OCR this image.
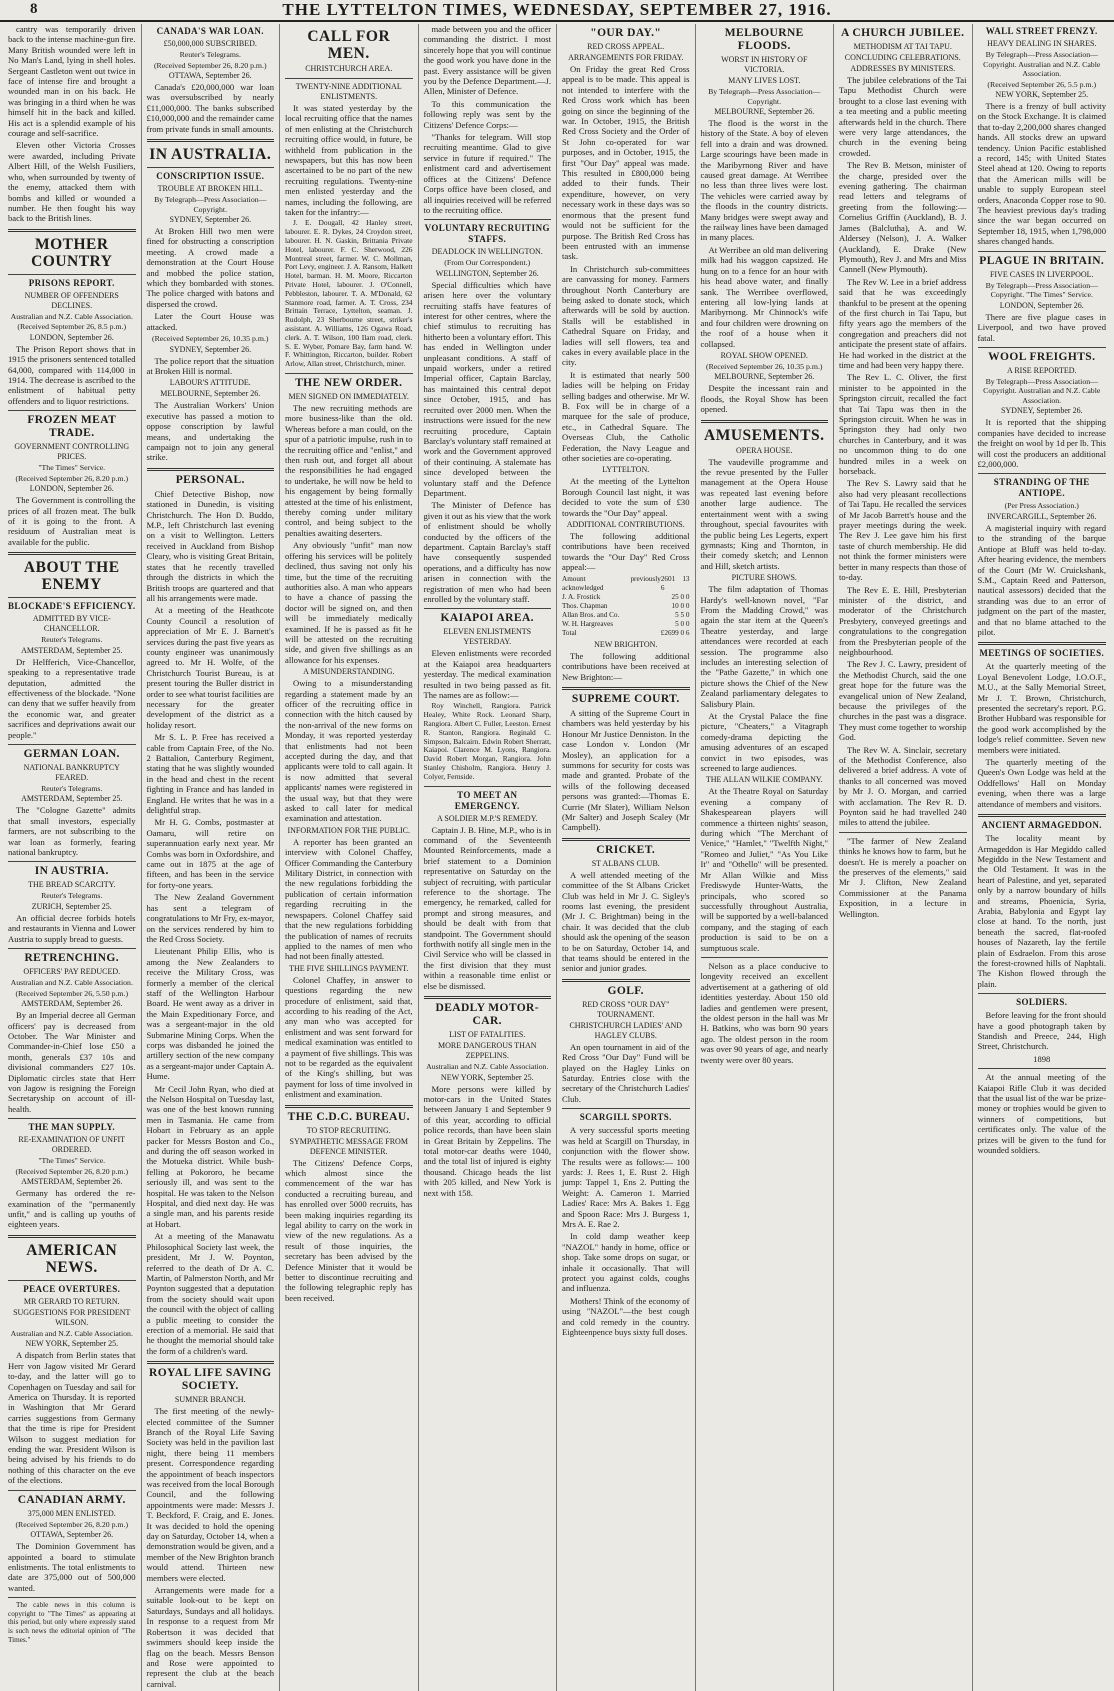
8	THE LYTTELTON TIMES, WEDNESDAY, SEPTEMBER 27, 1916.

cantry was temporarily driven back to the intense machine-gun fire. Many British wounded were left in No Man's Land, lying in shell holes. Sergeant Castleton went out twice in face of intense fire and brought a wounded man in on his back. He was bringing in a third when he was himself hit in the back and killed. His act is a splendid example of his courage and self-sacrifice.

Eleven other Victoria Crosses were awarded, including Private Albert Hill, of the Welsh Fusiliers, who, when surrounded by twenty of the enemy, attacked them with bombs and killed or wounded a number. He then fought his way back to the British lines.

MOTHER COUNTRY
PRISONS REPORT.
NUMBER OF OFFENDERS DECLINES.
Australian and N.Z. Cable Association.
(Received September 26, 8.5 p.m.)
LONDON, September 26.

The Prison Report shows that in 1915 the prisoners sentenced totalled 64,000, compared with 114,000 in 1914. The decrease is ascribed to the enlistment of habitual petty offenders and to liquor restrictions.

FROZEN MEAT TRADE.
GOVERNMENT CONTROLLING PRICES.
"The Times" Service.
(Received September 26, 8.20 p.m.)
LONDON, September 26.

The Government is controlling the prices of all frozen meat. The bulk of it is going to the front. A residuum of Australian meat is available for the public.

ABOUT THE ENEMY
BLOCKADE'S EFFICIENCY.
ADMITTED BY VICE-CHANCELLOR.
Reuter's Telegrams.
AMSTERDAM, September 25.

Dr Helfferich, Vice-Chancellor, speaking to a representative trade deputation, admitted the effectiveness of the blockade. "None can deny that we suffer heavily from the economic war, and greater sacrifices and deprivations await our people."

GERMAN LOAN.
NATIONAL BANKRUPTCY FEARED.
Reuter's Telegrams.
AMSTERDAM, September 25.

The "Cologne Gazette" admits that small investors, especially farmers, are not subscribing to the war loan as formerly, fearing national bankruptcy.

IN AUSTRIA.
THE BREAD SCARCITY.
Reuter's Telegrams.
ZURICH, September 25.

An official decree forbids hotels and restaurants in Vienna and Lower Austria to supply bread to guests.

RETRENCHING.
OFFICERS' PAY REDUCED.
Australian and N.Z. Cable Association.
(Received September 26, 5.50 p.m.)
AMSTERDAM, September 26.

By an Imperial decree all German officers' pay is decreased from October. The War Minister and Commander-in-Chief lose £50 a month, generals £37 10s and divisional commanders £27 10s. Diplomatic circles state that Herr von Jagow is resigning the Foreign Secretaryship on account of ill-health.

THE MAN SUPPLY.
RE-EXAMINATION OF UNFIT ORDERED.
"The Times" Service.
(Received September 26, 8.20 p.m.)
AMSTERDAM, September 26.

Germany has ordered the re-examination of the "permanently unfit," and is calling up youths of eighteen years.

AMERICAN NEWS.
PEACE OVERTURES.
MR GERARD TO RETURN.
SUGGESTIONS FOR PRESIDENT WILSON.
Australian and N.Z. Cable Association.
NEW YORK, September 25.

A dispatch from Berlin states that Herr von Jagow visited Mr Gerard to-day, and the latter will go to Copenhagen on Tuesday and sail for America on Thursday. It is reported in Washington that Mr Gerard carries suggestions from Germany that the time is ripe for President Wilson to suggest mediation for ending the war. President Wilson is being advised by his friends to do nothing of this character on the eve of the elections.

CANADIAN ARMY.
375,000 MEN ENLISTED.
(Received September 26, 8.20 p.m.)
OTTAWA, September 26.

The Dominion Government has appointed a board to stimulate enlistments. The total enlistments to date are 375,000 out of 500,000 wanted.

The cable news in this column is copyright to "The Times" as appearing at this period, but only where expressly stated is such news the editorial opinion of "The Times."

CANADA'S WAR LOAN.
£50,000,000 SUBSCRIBED.
Reuter's Telegrams.
(Received September 26, 8.20 p.m.)
OTTAWA, September 26.

Canada's £20,000,000 war loan was oversubscribed by nearly £11,000,000. The banks subscribed £10,000,000 and the remainder came from private funds in small amounts.

IN AUSTRALIA.
CONSCRIPTION ISSUE.
TROUBLE AT BROKEN HILL.
By Telegraph—Press Association—Copyright.
SYDNEY, September 26.

At Broken Hill two men were fined for obstructing a conscription meeting. A crowd made a demonstration at the Court House and mobbed the police station, which they bombarded with stones. The police charged with batons and dispersed the crowd.

Later the Court House was attacked.

(Received September 26, 10.35 p.m.)
SYDNEY, September 26.

The police report that the situation at Broken Hill is normal.

LABOUR'S ATTITUDE.
MELBOURNE, September 26.

The Australian Workers' Union executive has passed a motion to oppose conscription by lawful means, and undertaking the campaign not to join any general strike.

PERSONAL.

Chief Detective Bishop, now stationed in Dunedin, is visiting Christchurch. The Hon D. Buddo, M.P., left Christchurch last evening on a visit to Wellington. Letters received in Auckland from Bishop Cleary, who is visiting Great Britain, states that he recently travelled through the districts in which the British troops are quartered and that all his arrangements were made.

At a meeting of the Heathcote County Council a resolution of appreciation of Mr E. J. Barnett's services during the past five years as county engineer was unanimously agreed to. Mr H. Wolfe, of the Christchurch Tourist Bureau, is at present touring the Buller district in order to see what tourist facilities are necessary for the greater development of the district as a holiday resort.

Mr S. L. P. Free has received a cable from Captain Free, of the No. 2 Battalion, Canterbury Regiment, stating that he was slightly wounded in the head and chest in the recent fighting in France and has landed in England. He writes that he was in a delightful strap.

Mr H. G. Combs, postmaster at Oamaru, will retire on superannuation early next year. Mr Combs was born in Oxfordshire, and came out in 1875 at the age of fifteen, and has been in the service for forty-one years.

The New Zealand Government has sent a telegram of congratulations to Mr Fry, ex-mayor, on the services rendered by him to the Red Cross Society.

Lieutenant Philip Ellis, who is among the New Zealanders to receive the Military Cross, was formerly a member of the clerical staff of the Wellington Harbour Board. He went away as a driver in the Main Expeditionary Force, and was a sergeant-major in the old Submarine Mining Corps. When the corps was disbanded he joined the artillery section of the new company as a sergeant-major under Captain A. Hume.

Mr Cecil John Ryan, who died at the Nelson Hospital on Tuesday last, was one of the best known running men in Tasmania. He came from Hobart in February as an apple packer for Messrs Boston and Co., and during the off season worked in the Motueka district. While bush-felling at Pokororo, he became seriously ill, and was sent to the hospital. He was taken to the Nelson Hospital, and died next day. He was a single man, and his parents reside at Hobart.

At a meeting of the Manawatu Philosophical Society last week, the president, Mr J. W. Poynton, referred to the death of Dr A. C. Martin, of Palmerston North, and Mr Poynton suggested that a deputation from the society should wait upon the council with the object of calling a public meeting to consider the erection of a memorial. He said that he thought the memorial should take the form of a children's ward.

ROYAL LIFE SAVING SOCIETY.
SUMNER BRANCH.

The first meeting of the newly-elected committee of the Sumner Branch of the Royal Life Saving Society was held in the pavilion last night, there being 11 members present. Correspondence regarding the appointment of beach inspectors was received from the local Borough Council, and the following appointments were made: Messrs J. T. Beckford, F. Craig, and E. Jones. It was decided to hold the opening day on Saturday, October 14, when a demonstration would be given, and a member of the New Brighton branch would attend. Thirteen new members were elected.

Arrangements were made for a suitable look-out to be kept on Saturdays, Sundays and all holidays. In response to a request from Mr Robertson it was decided that swimmers should keep inside the flag on the beach. Messrs Benson and Rose were appointed to represent the club at the beach carnival.

CALL FOR MEN.
CHRISTCHURCH AREA.
TWENTY-NINE ADDITIONAL ENLISTMENTS.

It was stated yesterday by the local recruiting office that the names of men enlisting at the Christchurch recruiting office would, in future, be withheld from publication in the newspapers, but this has now been ascertained to be no part of the new recruiting regulations. Twenty-nine men enlisted yesterday and the names, including the following, are taken for the infantry:—

J. E. Dougall, 42 Hanley street, labourer. E. R. Dykes, 24 Croydon street, labourer. H. N. Gaskin, Brittania Private Hotel, labourer. F. C. Sherwood, 226 Montreal street, farmer. W. C. Mollman, Port Levy, engineer. J. A. Ransom, Halkett Hotel, barman. H. M. Moore, Riccarton Private Hotel, labourer. J. O'Connell, Pebbleston, labourer. T. A. M'Donald, 62 Stanmore road, farmer. A. T. Cross, 234 Brittain Terrace, Lyttelton, seaman. J. Rudolph, 23 Sherbourne street, striker's assistant. A. Williams, 126 Ogawa Road, clerk. A. T. Wilson, 100 Ilam road, clerk. S. E. Wyber, Pomare Bay, farm hand. W. F. Whittington, Riccarton, builder. Robert Arlow, Allan street, Christchurch, miner.

THE NEW ORDER.
MEN SIGNED ON IMMEDIATELY.

The new recruiting methods are more business-like than the old. Whereas before a man could, on the spur of a patriotic impulse, rush in to the recruiting office and "enlist," and then rush out, and forget all about the responsibilities he had engaged to undertake, he will now be held to his engagement by being formally attested at the time of his enlistment, thereby coming under military control, and being subject to the penalties awaiting deserters.

Any obviously "unfit" man now offering his services will be politely declined, thus saving not only his time, but the time of the recruiting authorities also. A man who appears to have a chance of passing the doctor will be signed on, and then will be immediately medically examined. If he is passed as fit he will be attested on the recruiting side, and given five shillings as an allowance for his expenses.

A MISUNDERSTANDING.

Owing to a misunderstanding regarding a statement made by an officer of the recruiting office in connection with the hitch caused by the non-arrival of the new forms on Monday, it was reported yesterday that enlistments had not been accepted during the day, and that applicants were told to call again. It is now admitted that several applicants' names were registered in the usual way, but that they were asked to call later for medical examination and attestation.

INFORMATION FOR THE PUBLIC.

A reporter has been granted an interview with Colonel Chaffey, Officer Commanding the Canterbury Military District, in connection with the new regulations forbidding the publication of certain information regarding recruiting in the newspapers. Colonel Chaffey said that the new regulations forbidding the publication of names of recruits applied to the names of men who had not been finally attested.

THE FIVE SHILLINGS PAYMENT.

Colonel Chaffey, in answer to questions regarding the new procedure of enlistment, said that, according to his reading of the Act, any man who was accepted for enlistment and was sent forward for medical examination was entitled to a payment of five shillings. This was not to be regarded as the equivalent of the King's shilling, but was payment for loss of time involved in enlistment and examination.

THE C.D.C. BUREAU.
TO STOP RECRUITING.
SYMPATHETIC MESSAGE FROM DEFENCE MINISTER.

The Citizens' Defence Corps, which almost since the commencement of the war has conducted a recruiting bureau, and has enrolled over 5000 recruits, has been making inquiries regarding its legal ability to carry on the work in view of the new regulations. As a result of those inquiries, the secretary has been advised by the Defence Minister that it would be better to discontinue recruiting and the following telegraphic reply has been received.

made between you and the officer commanding the district. I most sincerely hope that you will continue the good work you have done in the past. Every assistance will be given you by the Defence Department.—J. Allen, Minister of Defence.

To this communication the following reply was sent by the Citizens' Defence Corps:—

"Thanks for telegram. Will stop recruiting meantime. Glad to give service in future if required." The enlistment card and advertisement offices at the Citizens' Defence Corps office have been closed, and all inquiries received will be referred to the recruiting office.

VOLUNTARY RECRUITING STAFFS.
DEADLOCK IN WELLINGTON.
(From Our Correspondent.)
WELLINGTON, September 26.

Special difficulties which have arisen here over the voluntary recruiting staffs have features of interest for other centres, where the chief stimulus to recruiting has hitherto been a voluntary effort. This has ended in Wellington under unpleasant conditions. A staff of unpaid workers, under a retired Imperial officer, Captain Barclay, has maintained this central depot since October, 1915, and has recruited over 2000 men. When the instructions were issued for the new recruiting procedure, Captain Barclay's voluntary staff remained at work and the Government approved of their continuing. A stalemate has since developed between the voluntary staff and the Defence Department.

The Minister of Defence has given it out as his view that the work of enlistment should be wholly conducted by the officers of the department. Captain Barclay's staff have consequently suspended operations, and a difficulty has now arisen in connection with the registration of men who had been enrolled by the voluntary staff.

KAIAPOI AREA.
ELEVEN ENLISTMENTS YESTERDAY.

Eleven enlistments were recorded at the Kaiapoi area headquarters yesterday. The medical examination resulted in two being passed as fit. The names are as follow:—

Roy Winchell, Rangiora. Patrick Healey, White Rock. Leonard Sharp, Rangiora. Albert C. Fuller, Leeston. Ernest R. Stanton, Rangiora. Reginald C. Simpson, Balcairn. Edwin Robert Sherratt, Kaiapoi. Clarence M. Lyons, Rangiora. David Robert Morgan, Rangiora. John Stanley Chisholm, Rangiora. Henry J. Colyer, Fernside.

TO MEET AN EMERGENCY.
A SOLDIER M.P.'S REMEDY.

Captain J. B. Hine, M.P., who is in command of the Seventeenth Mounted Reinforcements, made a brief statement to a Dominion representative on Saturday on the subject of recruiting, with particular reference to the shortage. The emergency, he remarked, called for prompt and strong measures, and should be dealt with from that standpoint. The Government should forthwith notify all single men in the Civil Service who will be classed in the first division that they must within a reasonable time enlist or else be dismissed.

DEADLY MOTOR-CAR.
LIST OF FATALITIES.
MORE DANGEROUS THAN ZEPPELINS.
Australian and N.Z. Cable Association.
NEW YORK, September 25.

More persons were killed by motor-cars in the United States between January 1 and September 9 of this year, according to official police records, than have been slain in Great Britain by Zeppelins. The total motor-car deaths were 1040, and the total list of injured is eighty thousand. Chicago heads the list with 205 killed, and New York is next with 158.

"OUR DAY."
RED CROSS APPEAL.
ARRANGEMENTS FOR FRIDAY.

On Friday the great Red Cross appeal is to be made. This appeal is not intended to interfere with the Red Cross work which has been going on since the beginning of the war. In October, 1915, the British Red Cross Society and the Order of St John co-operated for war purposes, and in October, 1915, the first "Our Day" appeal was made. This resulted in £800,000 being added to their funds. Their expenditure, however, on very necessary work in these days was so enormous that the present fund would not be sufficient for the purpose. The British Red Cross has been entrusted with an immense task.

In Christchurch sub-committees are canvassing for money. Farmers throughout North Canterbury are being asked to donate stock, which afterwards will be sold by auction. Stalls will be established in Cathedral Square on Friday, and ladies will sell flowers, tea and cakes in every available place in the city.

It is estimated that nearly 500 ladies will be helping on Friday selling badges and otherwise. Mr W. B. Fox will be in charge of a marquee for the sale of produce, etc., in Cathedral Square. The Overseas Club, the Catholic Federation, the Navy League and other societies are co-operating.

LYTTELTON.

At the meeting of the Lyttelton Borough Council last night, it was decided to vote the sum of £30 towards the "Our Day" appeal.

ADDITIONAL CONTRIBUTIONS.

The following additional contributions have been received towards the "Our Day" Red Cross appeal:—

Amount previously acknowledged
2601 13 6
J. A. Frostick	25 0 0
Thos. Chapman	10 0 0
Allan Bros. and Co.	5 5 0
W. H. Hargreaves	5 0 0
Total	£2699 0 6
NEW BRIGHTON.

The following additional contributions have been received at New Brighton:—

SUPREME COURT.

A sitting of the Supreme Court in chambers was held yesterday by his Honour Mr Justice Denniston. In the case London v. London (Mr Mosley), an application for a summons for security for costs was made and granted. Probate of the wills of the following deceased persons was granted:—Thomas E. Currie (Mr Slater), William Nelson (Mr Salter) and Joseph Scaley (Mr Campbell).

CRICKET.
ST ALBANS CLUB.

A well attended meeting of the committee of the St Albans Cricket Club was held in Mr J. C. Sigley's rooms last evening, the president (Mr J. C. Brightman) being in the chair. It was decided that the club should ask the opening of the season to be on Saturday, October 14, and that teams should be entered in the senior and junior grades.

GOLF.
RED CROSS "OUR DAY" TOURNAMENT.
CHRISTCHURCH LADIES' AND HAGLEY CLUBS.

An open tournament in aid of the Red Cross "Our Day" Fund will be played on the Hagley Links on Saturday. Entries close with the secretary of the Christchurch Ladies' Club.

SCARGILL SPORTS.

A very successful sports meeting was held at Scargill on Thursday, in conjunction with the flower show. The results were as follows:— 100 yards: J. Rees 1, E. Rust 2. High jump: Tappel 1, Ens 2. Putting the Weight: A. Cameron 1. Married Ladies' Race: Mrs A. Bakes 1. Egg and Spoon Race: Mrs J. Burgess 1, Mrs A. E. Rae 2.

In cold damp weather keep "NAZOL" handy in home, office or shop. Take some drops on sugar, or inhale it occasionally. That will protect you against colds, coughs and influenza.

Mothers! Think of the economy of using "NAZOL"—the best cough and cold remedy in the country. Eighteenpence buys sixty full doses.

MELBOURNE FLOODS.
WORST IN HISTORY OF VICTORIA.
MANY LIVES LOST.
By Telegraph—Press Association—Copyright.
MELBOURNE, September 26.

The flood is the worst in the history of the State. A boy of eleven fell into a drain and was drowned. Large scourings have been made in the Maribyrnong River and have caused great damage. At Werribee no less than three lives were lost. The vehicles were carried away by the floods in the country districts. Many bridges were swept away and the railway lines have been damaged in many places.

At Werribee an old man delivering milk had his waggon capsized. He hung on to a fence for an hour with his head above water, and finally sank. The Werribee overflowed, entering all low-lying lands at Maribyrnong. Mr Chinnock's wife and four children were drowning on the roof of a house when it collapsed.

ROYAL SHOW OPENED.
(Received September 26, 10.35 p.m.)
MELBOURNE, September 26.

Despite the incessant rain and floods, the Royal Show has been opened.

AMUSEMENTS.
OPERA HOUSE.

The vaudeville programme and the revue presented by the Fuller management at the Opera House was repeated last evening before another large audience. The entertainment went with a swing throughout, special favourites with the public being Les Legerts, expert gymnasts; King and Thornton, in their comedy sketch; and Lennon and Hill, sketch artists.

PICTURE SHOWS.

The film adaptation of Thomas Hardy's well-known novel, "Far From the Madding Crowd," was again the star item at the Queen's Theatre yesterday, and large attendances were recorded at each session. The programme also includes an interesting selection of the "Pathe Gazette," in which one picture shows the Chief of the New Zealand parliamentary delegates to Salisbury Plain.

At the Crystal Palace the fine picture, "Cheaters," a Vitagraph comedy-drama depicting the amusing adventures of an escaped convict in two episodes, was screened to large audiences.

THE ALLAN WILKIE COMPANY.

At the Theatre Royal on Saturday evening a company of Shakespearean players will commence a thirteen nights' season, during which "The Merchant of Venice," "Hamlet," "Twelfth Night," "Romeo and Juliet," "As You Like It" and "Othello" will be presented. Mr Allan Wilkie and Miss Frediswyde Hunter-Watts, the principals, who scored so successfully throughout Australia, will be supported by a well-balanced company, and the staging of each production is said to be on a sumptuous scale.

Nelson as a place conducive to longevity received an excellent advertisement at a gathering of old identities yesterday. About 150 old ladies and gentlemen were present, the oldest person in the hall was Mr H. Batkins, who was born 90 years ago. The oldest person in the room was over 90 years of age, and nearly twenty were over 80 years.

A CHURCH JUBILEE.
METHODISM AT TAI TAPU.
CONCLUDING CELEBRATIONS.
ADDRESSES BY MINISTERS.

The jubilee celebrations of the Tai Tapu Methodist Church were brought to a close last evening with a tea meeting and a public meeting afterwards held in the church. There were very large attendances, the church in the evening being crowded.

The Rev B. Metson, minister of the charge, presided over the evening gathering. The chairman read letters and telegrams of greeting from the following:—Cornelius Griffin (Auckland), B. J. James (Balclutha), A. and W. Aldersey (Nelson), J. A. Walker (Auckland), E. Drake (New Plymouth), Rev J. and Mrs and Miss Cannell (New Plymouth).

The Rev W. Lee in a brief address said that he was exceedingly thankful to be present at the opening of the first church in Tai Tapu, but fifty years ago the members of the congregation and preachers did not anticipate the present state of affairs. He had worked in the district at the time and had been very happy there.

The Rev L. C. Oliver, the first minister to be appointed in the Springston circuit, recalled the fact that Tai Tapu was then in the Springston circuit. When he was in Springston they had only two churches in Canterbury, and it was no uncommon thing to do one hundred miles in a week on horseback.

The Rev S. Lawry said that he also had very pleasant recollections of Tai Tapu. He recalled the services of Mr Jacob Barrett's house and the prayer meetings during the week. The Rev J. Lee gave him his first taste of church membership. He did not think the former ministers were better in many respects than those of to-day.

The Rev E. E. Hill, Presbyterian minister of the district, and moderator of the Christchurch Presbytery, conveyed greetings and congratulations to the congregation from the Presbyterian people of the neighbourhood.

The Rev J. C. Lawry, president of the Methodist Church, said the one great hope for the future was the evangelical union of New Zealand, because the privileges of the churches in the past was a disgrace. They must come together to worship God.

The Rev W. A. Sinclair, secretary of the Methodist Conference, also delivered a brief address. A vote of thanks to all concerned was moved by Mr J. O. Morgan, and carried with acclamation. The Rev R. D. Poynton said he had travelled 240 miles to attend the jubilee.

"The farmer of New Zealand thinks he knows how to farm, but he doesn't. He is merely a poacher on the preserves of the elements," said Mr J. Clifton, New Zealand Commissioner at the Panama Exposition, in a lecture in Wellington.

WALL STREET FRENZY.
HEAVY DEALING IN SHARES.
By Telegraph—Press Association—Copyright. Australian and N.Z. Cable Association.
(Received September 26, 5.5 p.m.)
NEW YORK, September 25.

There is a frenzy of bull activity on the Stock Exchange. It is claimed that to-day 2,200,000 shares changed hands. All stocks drew an upward tendency. Union Pacific established a record, 145; with United States Steel ahead at 120. Owing to reports that the American mills will be unable to supply European steel orders, Anaconda Copper rose to 90. The heaviest previous day's trading since the war began occurred on September 18, 1915, when 1,798,000 shares changed hands.

PLAGUE IN BRITAIN.
FIVE CASES IN LIVERPOOL.
By Telegraph—Press Association—Copyright. "The Times" Service.
LONDON, September 26.

There are five plague cases in Liverpool, and two have proved fatal.

WOOL FREIGHTS.
A RISE REPORTED.
By Telegraph—Press Association—Copyright. Australian and N.Z. Cable Association.
SYDNEY, September 26.

It is reported that the shipping companies have decided to increase the freight on wool by 1d per lb. This will cost the producers an additional £2,000,000.

STRANDING OF THE ANTIOPE.
(Per Press Association.)
INVERCARGILL, September 26.

A magisterial inquiry with regard to the stranding of the barque Antiope at Bluff was held to-day. After hearing evidence, the members of the Court (Mr W. Cruickshank, S.M., Captain Reed and Patterson, nautical assessors) decided that the stranding was due to an error of judgment on the part of the master, and that no blame attached to the pilot.

MEETINGS OF SOCIETIES.

At the quarterly meeting of the Loyal Benevolent Lodge, I.O.O.F., M.U., at the Sally Memorial Street, Mr J. T. Brown, Christchurch, presented the secretary's report. P.G. Brother Hubbard was responsible for the good work accomplished by the lodge's relief committee. Seven new members were initiated.

The quarterly meeting of the Queen's Own Lodge was held at the Oddfellows' Hall on Monday evening, when there was a large attendance of members and visitors.

ANCIENT ARMAGEDDON.

The locality meant by Armageddon is Har Megiddo called Megiddo in the New Testament and the Old Testament. It was in the heart of Palestine, and yet, separated only by a narrow boundary of hills and streams, Phoenicia, Syria, Arabia, Babylonia and Egypt lay close at hand. To the north, just beneath the sacred, flat-roofed houses of Nazareth, lay the fertile plain of Esdraelon. From this arose the forest-crowned hills of Naphtali. The Kishon flowed through the plain.

SOLDIERS.

Before leaving for the front should have a good photograph taken by Standish and Preece, 244, High Street, Christchurch.

1898

At the annual meeting of the Kaiapoi Rifle Club it was decided that the usual list of the war be prize-money or trophies would be given to winners of competitions, but certificates only. The value of the prizes will be given to the fund for wounded soldiers.
